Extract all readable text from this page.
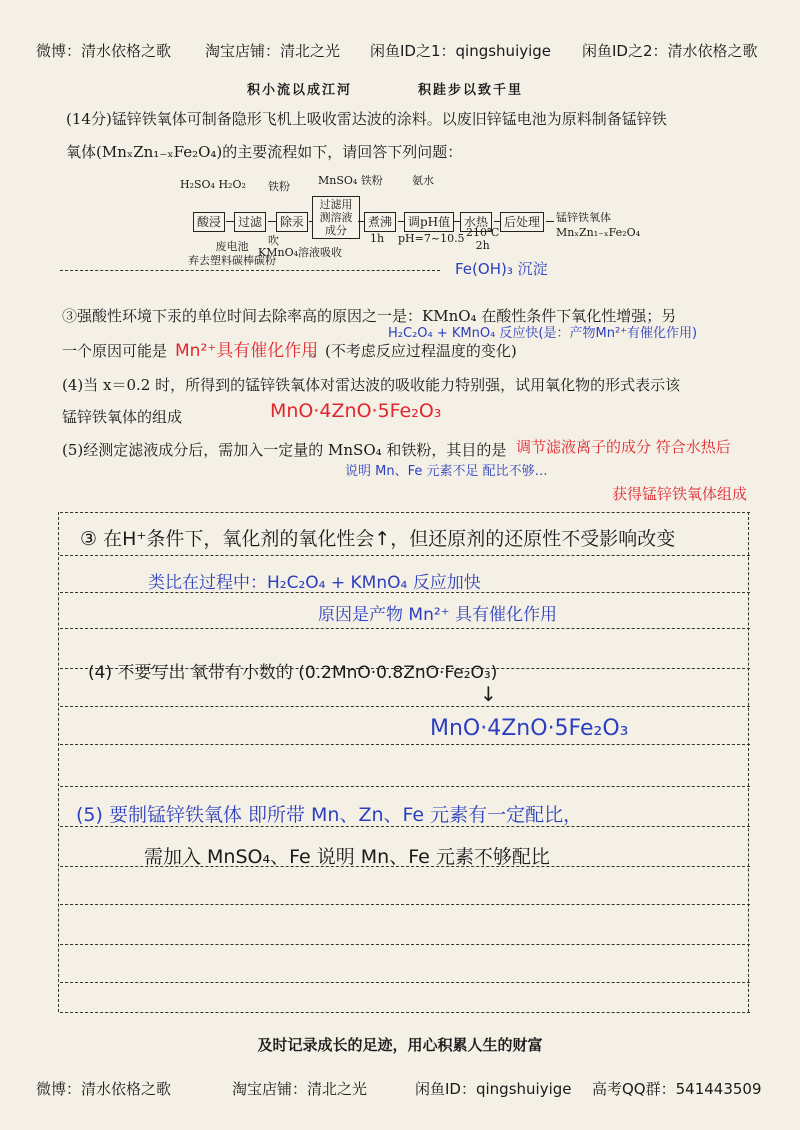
微博：清水依格之歌 淘宝店铺：清北之光 闲鱼ID之1：qingshuiyige 闲鱼ID之2：清水依格之歌
积小流以成江河	积跬步以致千里
(14分)锰锌铁氧体可制备隐形飞机上吸收雷达波的涂料。以废旧锌锰电池为原料制备锰锌铁
氧体(MnₓZn₁₋ₓFe₂O₄)的主要流程如下，请回答下列问题：
H₂SO₄ H₂O₂ 铁粉	MnSO₄ 铁粉	氨水
酸浸	过滤	除汞
过滤用
测溶液
成分
煮沸	调pH值	水热	后处理	锰锌铁氧体
MnₓZn₁₋ₓFe₂O₄
废电池
弃去塑料碳棒碳粉
吹
KMnO₄溶液吸收
1h pH=7~10.5 210℃
2h
Fe(OH)₃ 沉淀
③强酸性环境下汞的单位时间去除率高的原因之一是：KMnO₄ 在酸性条件下氧化性增强；另
H₂C₂O₄ + KMnO₄ 反应快(是：产物Mn²⁺有催化作用)
一个原因可能是 Mn²⁺具有催化作用
。(不考虑反应过程温度的变化)
(4)当 x＝0.2 时，所得到的锰锌铁氧体对雷达波的吸收能力特别强，试用氧化物的形式表示该
锰锌铁氧体的组成	MnO·4ZnO·5Fe₂O₃
(5)经测定滤液成分后，需加入一定量的 MnSO₄ 和铁粉，其目的是 调节滤液离子的成分 符合水热后
说明 Mn、Fe 元素不足 配比不够…
获得锰锌铁氧体组成
③ 在H⁺条件下，氧化剂的氧化性会↑，但还原剂的还原性不受影响改变
类比在过程中：H₂C₂O₄ + KMnO₄ 反应加快
原因是产物 Mn²⁺ 具有催化作用
(4) 不要写出 氧带有小数的 (0.2MnO·0.8ZnO·Fe₂O₃)
↓
MnO·4ZnO·5Fe₂O₃
(5) 要制锰锌铁氧体 即所带 Mn、Zn、Fe 元素有一定配比，
需加入 MnSO₄、Fe 说明 Mn、Fe 元素不够配比
及时记录成长的足迹，用心积累人生的财富
微博：清水依格之歌	淘宝店铺：清北之光	闲鱼ID：qingshuiyige 高考QQ群：541443509
